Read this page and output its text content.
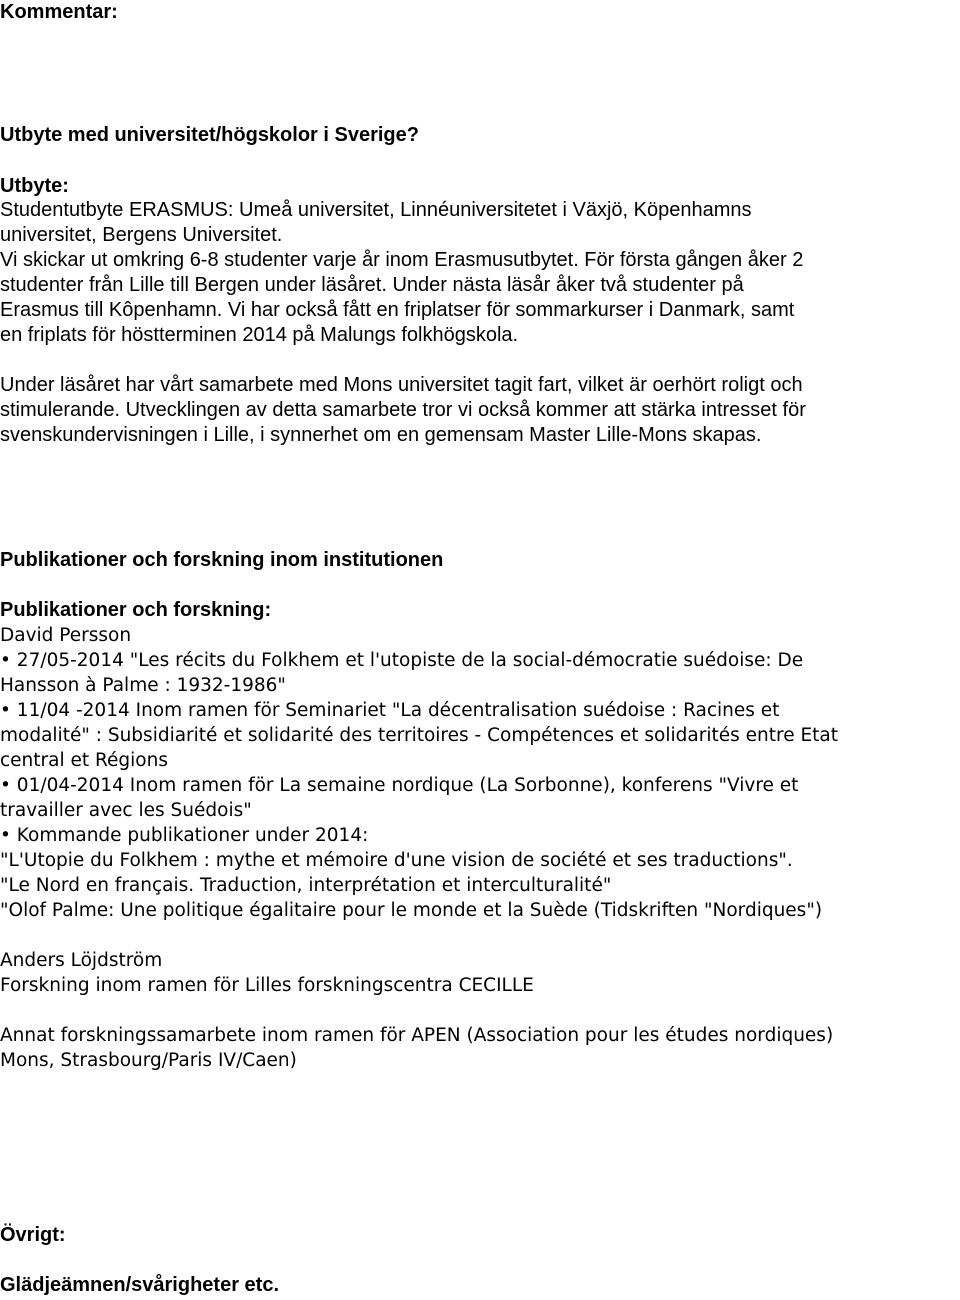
Kommentar:
Utbyte med universitet/högskolor i Sverige?
Utbyte:
Studentutbyte ERASMUS: Umeå universitet, Linnéuniversitetet i Växjö, Köpenhamns
universitet, Bergens Universitet.
Vi skickar ut omkring 6-8 studenter varje år inom Erasmusutbytet. För första gången åker 2
studenter från Lille till Bergen under läsåret. Under nästa läsår åker två studenter på
Erasmus till Kôpenhamn. Vi har också fått en friplatser för sommarkurser i Danmark, samt
en friplats för höstterminen 2014 på Malungs folkhögskola.
Under läsåret har vårt samarbete med Mons universitet tagit fart, vilket är oerhört roligt och
stimulerande. Utvecklingen av detta samarbete tror vi också kommer att stärka intresset för
svenskundervisningen i Lille, i synnerhet om en gemensam Master Lille-Mons skapas.
Publikationer och forskning inom institutionen
Publikationer och forskning:
David Persson
• 27/05-2014 "Les récits du Folkhem et l'utopiste de la social-démocratie suédoise: De
Hansson à Palme : 1932-1986"
• 11/04 -2014 Inom ramen för Seminariet "La décentralisation suédoise : Racines et
modalité" : Subsidiarité et solidarité des territoires - Compétences et solidarités entre Etat
central et Régions
• 01/04-2014 Inom ramen för La semaine nordique (La Sorbonne), konferens "Vivre et
travailler avec les Suédois"
• Kommande publikationer under 2014:
"L'Utopie du Folkhem : mythe et mémoire d'une vision de société et ses traductions".
"Le Nord en français. Traduction, interprétation et interculturalité"
"Olof Palme: Une politique égalitaire pour le monde et la Suède (Tidskriften "Nordiques")
Anders Löjdström
Forskning inom ramen för Lilles forskningscentra CECILLE
Annat forskningssamarbete inom ramen för APEN (Association pour les études nordiques)
Mons, Strasbourg/Paris IV/Caen)
Övrigt:
Glädjeämnen/svårigheter etc.
